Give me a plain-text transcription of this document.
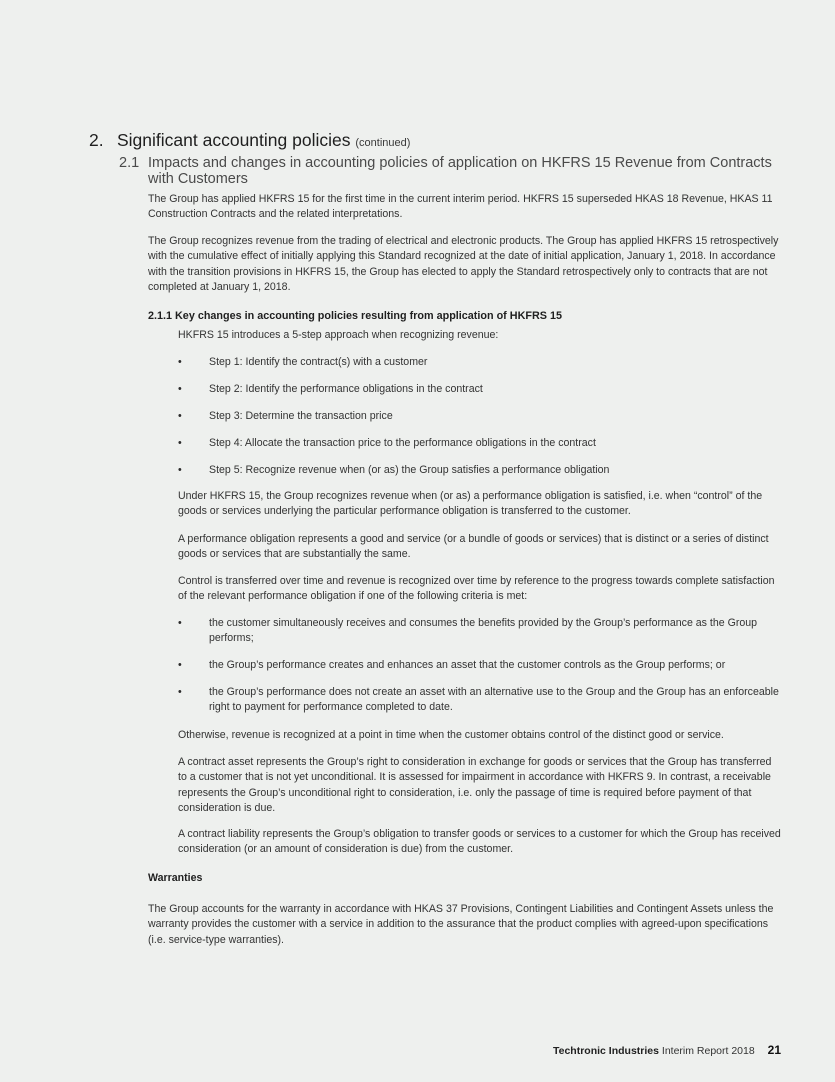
2. Significant accounting policies (continued)
2.1 Impacts and changes in accounting policies of application on HKFRS 15 Revenue from Contracts with Customers

The Group has applied HKFRS 15 for the first time in the current interim period. HKFRS 15 superseded HKAS 18 Revenue, HKAS 11 Construction Contracts and the related interpretations.

The Group recognizes revenue from the trading of electrical and electronic products. The Group has applied HKFRS 15 retrospectively with the cumulative effect of initially applying this Standard recognized at the date of initial application, January 1, 2018. In accordance with the transition provisions in HKFRS 15, the Group has elected to apply the Standard retrospectively only to contracts that are not completed at January 1, 2018.

2.1.1 Key changes in accounting policies resulting from application of HKFRS 15

HKFRS 15 introduces a 5-step approach when recognizing revenue:

•	Step 1: Identify the contract(s) with a customer

•	Step 2: Identify the performance obligations in the contract

•	Step 3: Determine the transaction price

•	Step 4: Allocate the transaction price to the performance obligations in the contract

•	Step 5: Recognize revenue when (or as) the Group satisfies a performance obligation

Under HKFRS 15, the Group recognizes revenue when (or as) a performance obligation is satisfied, i.e. when “control” of the goods or services underlying the particular performance obligation is transferred to the customer.

A performance obligation represents a good and service (or a bundle of goods or services) that is distinct or a series of distinct goods or services that are substantially the same.

Control is transferred over time and revenue is recognized over time by reference to the progress towards complete satisfaction of the relevant performance obligation if one of the following criteria is met:

•	the customer simultaneously receives and consumes the benefits provided by the Group’s performance as the Group performs;

•	the Group’s performance creates and enhances an asset that the customer controls as the Group performs; or

•	the Group’s performance does not create an asset with an alternative use to the Group and the Group has an enforceable right to payment for performance completed to date.

Otherwise, revenue is recognized at a point in time when the customer obtains control of the distinct good or service.

A contract asset represents the Group’s right to consideration in exchange for goods or services that the Group has transferred to a customer that is not yet unconditional. It is assessed for impairment in accordance with HKFRS 9. In contrast, a receivable represents the Group’s unconditional right to consideration, i.e. only the passage of time is required before payment of that consideration is due.

A contract liability represents the Group’s obligation to transfer goods or services to a customer for which the Group has received consideration (or an amount of consideration is due) from the customer.

Warranties

The Group accounts for the warranty in accordance with HKAS 37 Provisions, Contingent Liabilities and Contingent Assets unless the warranty provides the customer with a service in addition to the assurance that the product complies with agreed-upon specifications (i.e. service-type warranties).

Techtronic Industries Interim Report 2018 21
